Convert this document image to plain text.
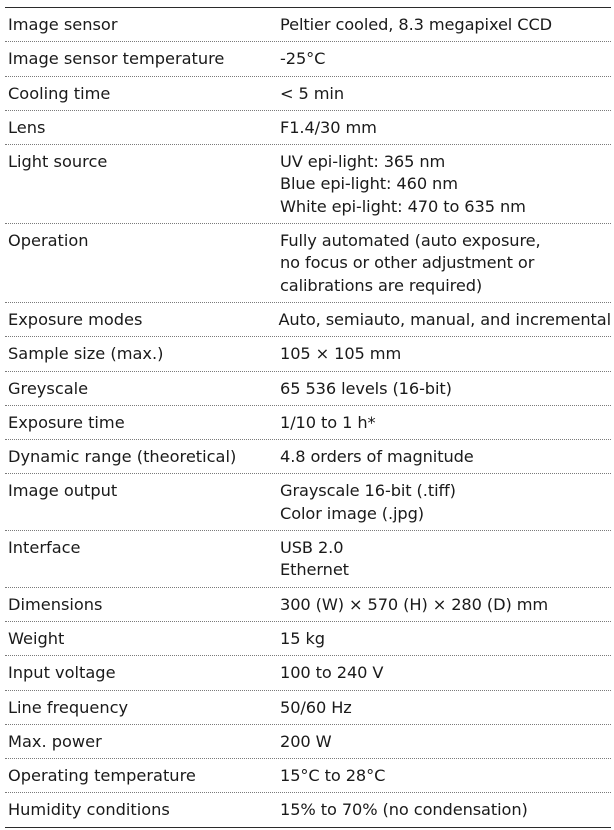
Image sensor	Peltier cooled, 8.3 megapixel CCD
Image sensor temperature	-25°C
Cooling time	< 5 min
Lens	F1.4/30 mm
Light source	UV epi-light: 365 nm
Blue epi-light: 460 nm
White epi-light: 470 to 635 nm
Operation	Fully automated (auto exposure,
no focus or other adjustment or
calibrations are required)
Exposure modes	Auto, semiauto, manual, and incremental
Sample size (max.)	105 × 105 mm
Greyscale	65 536 levels (16-bit)
Exposure time	1/10 to 1 h*
Dynamic range (theoretical)	4.8 orders of magnitude
Image output	Grayscale 16-bit (.tiff)
Color image (.jpg)
Interface	USB 2.0
Ethernet
Dimensions	300 (W) × 570 (H) × 280 (D) mm
Weight	15 kg
Input voltage	100 to 240 V
Line frequency	50/60 Hz
Max. power	200 W
Operating temperature	15°C to 28°C
Humidity conditions	15% to 70% (no condensation)
